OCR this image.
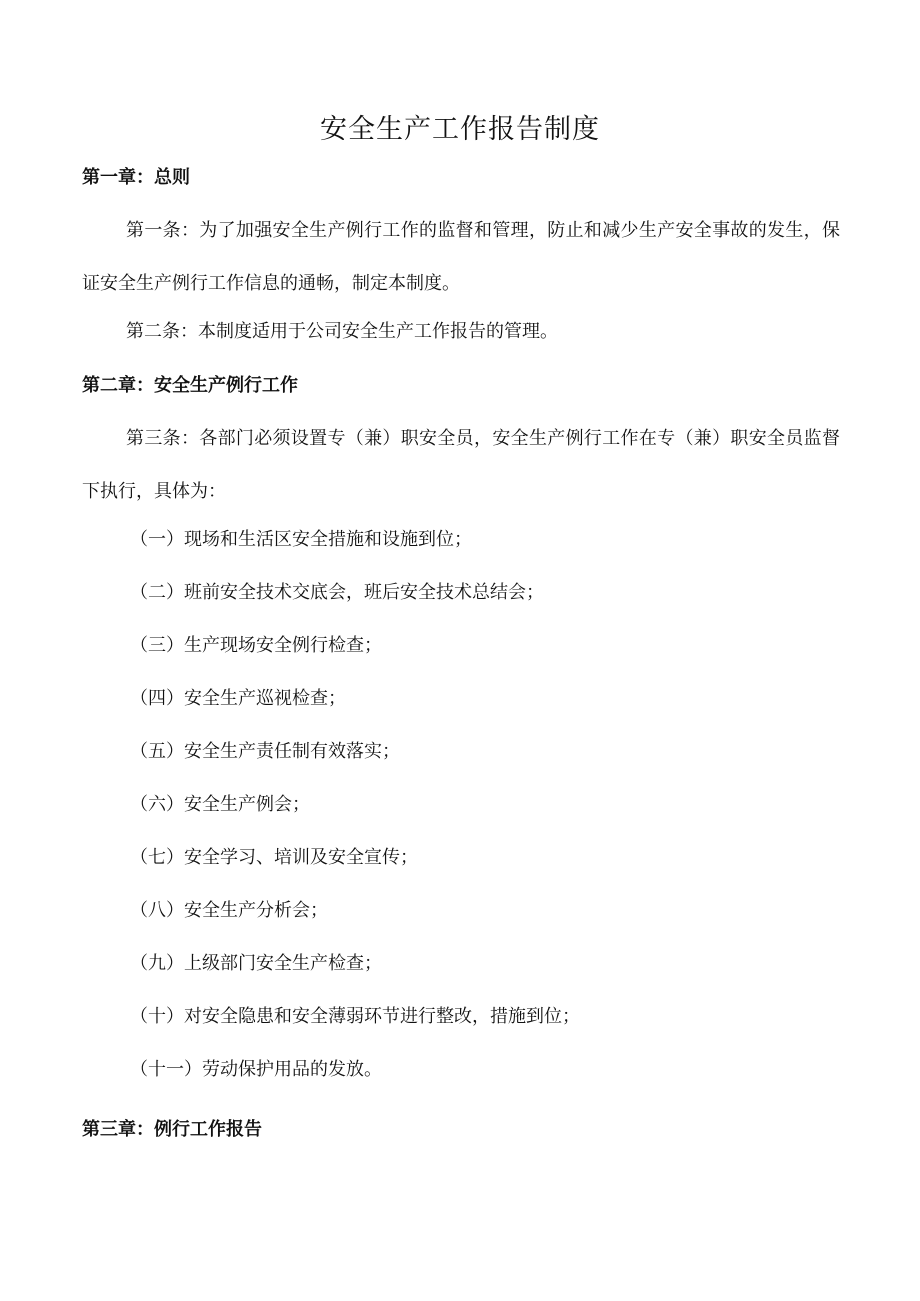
安全生产工作报告制度
第一章：总则

第一条：为了加强安全生产例行工作的监督和管理，防止和减少生产安全事故的发生，保证安全生产例行工作信息的通畅，制定本制度。

第二条：本制度适用于公司安全生产工作报告的管理。

第二章：安全生产例行工作

第三条：各部门必须设置专（兼）职安全员，安全生产例行工作在专（兼）职安全员监督下执行，具体为：

（一）现场和生活区安全措施和设施到位；

（二）班前安全技术交底会，班后安全技术总结会；

（三）生产现场安全例行检查；

（四）安全生产巡视检查；

（五）安全生产责任制有效落实；

（六）安全生产例会；

（七）安全学习、培训及安全宣传；

（八）安全生产分析会；

（九）上级部门安全生产检查；

（十）对安全隐患和安全薄弱环节进行整改，措施到位；

（十一）劳动保护用品的发放。

第三章：例行工作报告
